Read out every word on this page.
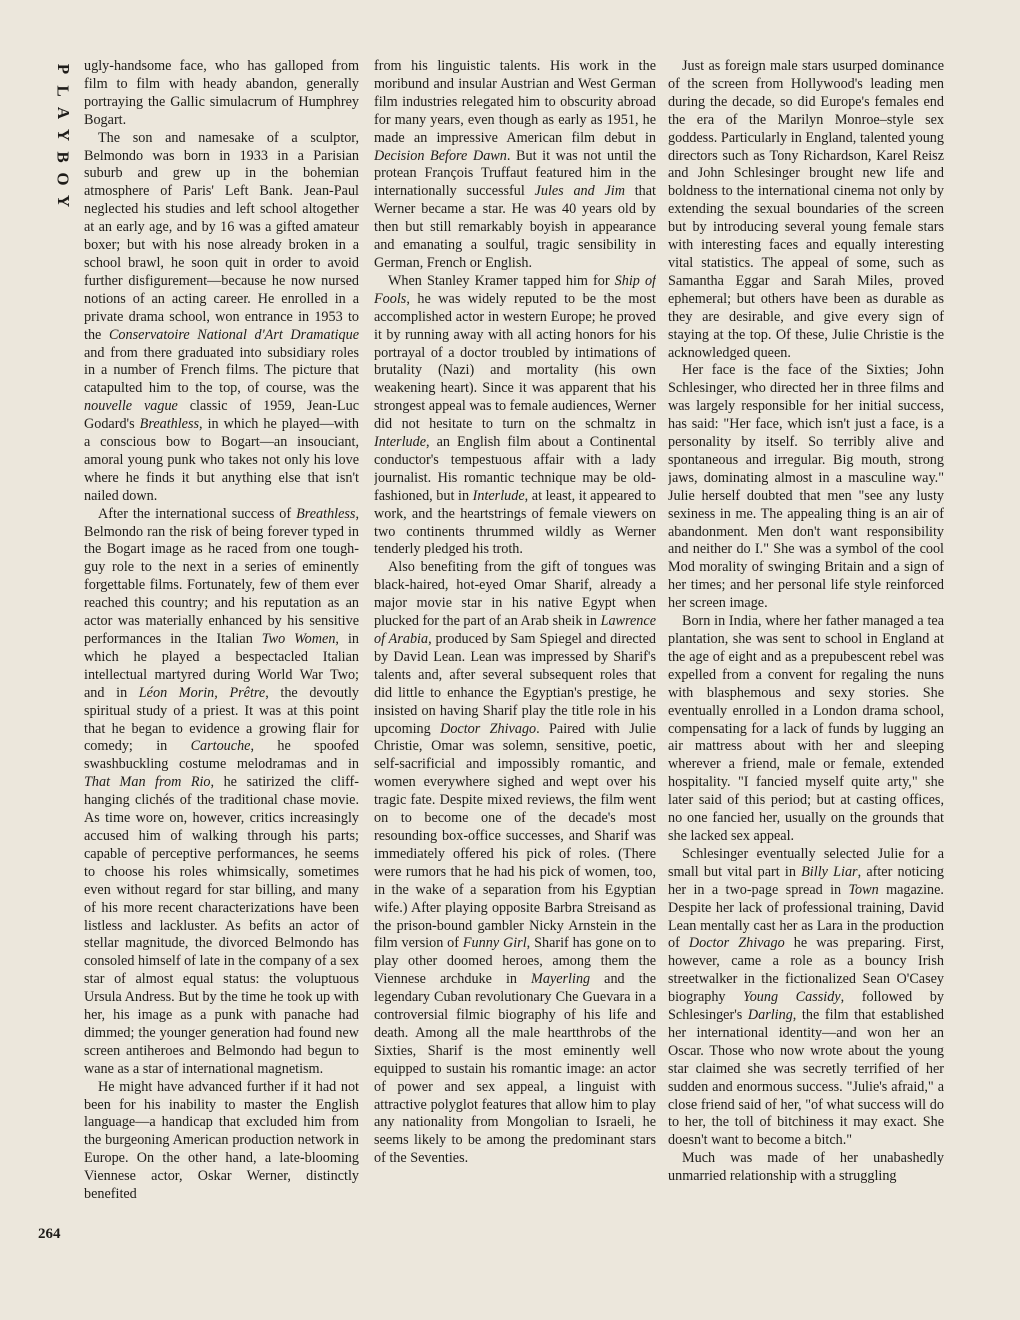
P
L
A
Y
B
O
Y

ugly-handsome face, who has galloped from film to film with heady abandon, generally portraying the Gallic simulacrum of Humphrey Bogart.

The son and namesake of a sculptor, Belmondo was born in 1933 in a Parisian suburb and grew up in the bohemian atmosphere of Paris' Left Bank. Jean-Paul neglected his studies and left school altogether at an early age, and by 16 was a gifted amateur boxer; but with his nose already broken in a school brawl, he soon quit in order to avoid further disfigurement—because he now nursed notions of an acting career. He enrolled in a private drama school, won entrance in 1953 to the Conservatoire National d'Art Dramatique and from there graduated into subsidiary roles in a number of French films. The picture that catapulted him to the top, of course, was the nouvelle vague classic of 1959, Jean-Luc Godard's Breathless, in which he played—with a conscious bow to Bogart—an insouciant, amoral young punk who takes not only his love where he finds it but anything else that isn't nailed down.

After the international success of Breathless, Belmondo ran the risk of being forever typed in the Bogart image as he raced from one tough-guy role to the next in a series of eminently forgettable films. Fortunately, few of them ever reached this country; and his reputation as an actor was materially enhanced by his sensitive performances in the Italian Two Women, in which he played a bespectacled Italian intellectual martyred during World War Two; and in Léon Morin, Prêtre, the devoutly spiritual study of a priest. It was at this point that he began to evidence a growing flair for comedy; in Cartouche, he spoofed swashbuckling costume melodramas and in That Man from Rio, he satirized the cliff-hanging clichés of the traditional chase movie. As time wore on, however, critics increasingly accused him of walking through his parts; capable of perceptive performances, he seems to choose his roles whimsically, sometimes even without regard for star billing, and many of his more recent characterizations have been listless and lackluster. As befits an actor of stellar magnitude, the divorced Belmondo has consoled himself of late in the company of a sex star of almost equal status: the voluptuous Ursula Andress. But by the time he took up with her, his image as a punk with panache had dimmed; the younger generation had found new screen antiheroes and Belmondo had begun to wane as a star of international magnetism.

He might have advanced further if it had not been for his inability to master the English language—a handicap that excluded him from the burgeoning American production network in Europe. On the other hand, a late-blooming Viennese actor, Oskar Werner, distinctly benefited

from his linguistic talents. His work in the moribund and insular Austrian and West German film industries relegated him to obscurity abroad for many years, even though as early as 1951, he made an impressive American film debut in Decision Before Dawn. But it was not until the protean François Truffaut featured him in the internationally successful Jules and Jim that Werner became a star. He was 40 years old by then but still remarkably boyish in appearance and emanating a soulful, tragic sensibility in German, French or English.

When Stanley Kramer tapped him for Ship of Fools, he was widely reputed to be the most accomplished actor in western Europe; he proved it by running away with all acting honors for his portrayal of a doctor troubled by intimations of brutality (Nazi) and mortality (his own weakening heart). Since it was apparent that his strongest appeal was to female audiences, Werner did not hesitate to turn on the schmaltz in Interlude, an English film about a Continental conductor's tempestuous affair with a lady journalist. His romantic technique may be old-fashioned, but in Interlude, at least, it appeared to work, and the heartstrings of female viewers on two continents thrummed wildly as Werner tenderly pledged his troth.

Also benefiting from the gift of tongues was black-haired, hot-eyed Omar Sharif, already a major movie star in his native Egypt when plucked for the part of an Arab sheik in Lawrence of Arabia, produced by Sam Spiegel and directed by David Lean. Lean was impressed by Sharif's talents and, after several subsequent roles that did little to enhance the Egyptian's prestige, he insisted on having Sharif play the title role in his upcoming Doctor Zhivago. Paired with Julie Christie, Omar was solemn, sensitive, poetic, self-sacrificial and impossibly romantic, and women everywhere sighed and wept over his tragic fate. Despite mixed reviews, the film went on to become one of the decade's most resounding box-office successes, and Sharif was immediately offered his pick of roles. (There were rumors that he had his pick of women, too, in the wake of a separation from his Egyptian wife.) After playing opposite Barbra Streisand as the prison-bound gambler Nicky Arnstein in the film version of Funny Girl, Sharif has gone on to play other doomed heroes, among them the Viennese archduke in Mayerling and the legendary Cuban revolutionary Che Guevara in a controversial filmic biography of his life and death. Among all the male heartthrobs of the Sixties, Sharif is the most eminently well equipped to sustain his romantic image: an actor of power and sex appeal, a linguist with attractive polyglot features that allow him to play any nationality from Mongolian to Israeli, he seems likely to be among the predominant stars of the Seventies.

Just as foreign male stars usurped dominance of the screen from Hollywood's leading men during the decade, so did Europe's females end the era of the Marilyn Monroe–style sex goddess. Particularly in England, talented young directors such as Tony Richardson, Karel Reisz and John Schlesinger brought new life and boldness to the international cinema not only by extending the sexual boundaries of the screen but by introducing several young female stars with interesting faces and equally interesting vital statistics. The appeal of some, such as Samantha Eggar and Sarah Miles, proved ephemeral; but others have been as durable as they are desirable, and give every sign of staying at the top. Of these, Julie Christie is the acknowledged queen.

Her face is the face of the Sixties; John Schlesinger, who directed her in three films and was largely responsible for her initial success, has said: "Her face, which isn't just a face, is a personality by itself. So terribly alive and spontaneous and irregular. Big mouth, strong jaws, dominating almost in a masculine way." Julie herself doubted that men "see any lusty sexiness in me. The appealing thing is an air of abandonment. Men don't want responsibility and neither do I." She was a symbol of the cool Mod morality of swinging Britain and a sign of her times; and her personal life style reinforced her screen image.

Born in India, where her father managed a tea plantation, she was sent to school in England at the age of eight and as a prepubescent rebel was expelled from a convent for regaling the nuns with blasphemous and sexy stories. She eventually enrolled in a London drama school, compensating for a lack of funds by lugging an air mattress about with her and sleeping wherever a friend, male or female, extended hospitality. "I fancied myself quite arty," she later said of this period; but at casting offices, no one fancied her, usually on the grounds that she lacked sex appeal.

Schlesinger eventually selected Julie for a small but vital part in Billy Liar, after noticing her in a two-page spread in Town magazine. Despite her lack of professional training, David Lean mentally cast her as Lara in the production of Doctor Zhivago he was preparing. First, however, came a role as a bouncy Irish streetwalker in the fictionalized Sean O'Casey biography Young Cassidy, followed by Schlesinger's Darling, the film that established her international identity—and won her an Oscar. Those who now wrote about the young star claimed she was secretly terrified of her sudden and enormous success. "Julie's afraid," a close friend said of her, "of what success will do to her, the toll of bitchiness it may exact. She doesn't want to become a bitch."

Much was made of her unabashedly unmarried relationship with a struggling

264
